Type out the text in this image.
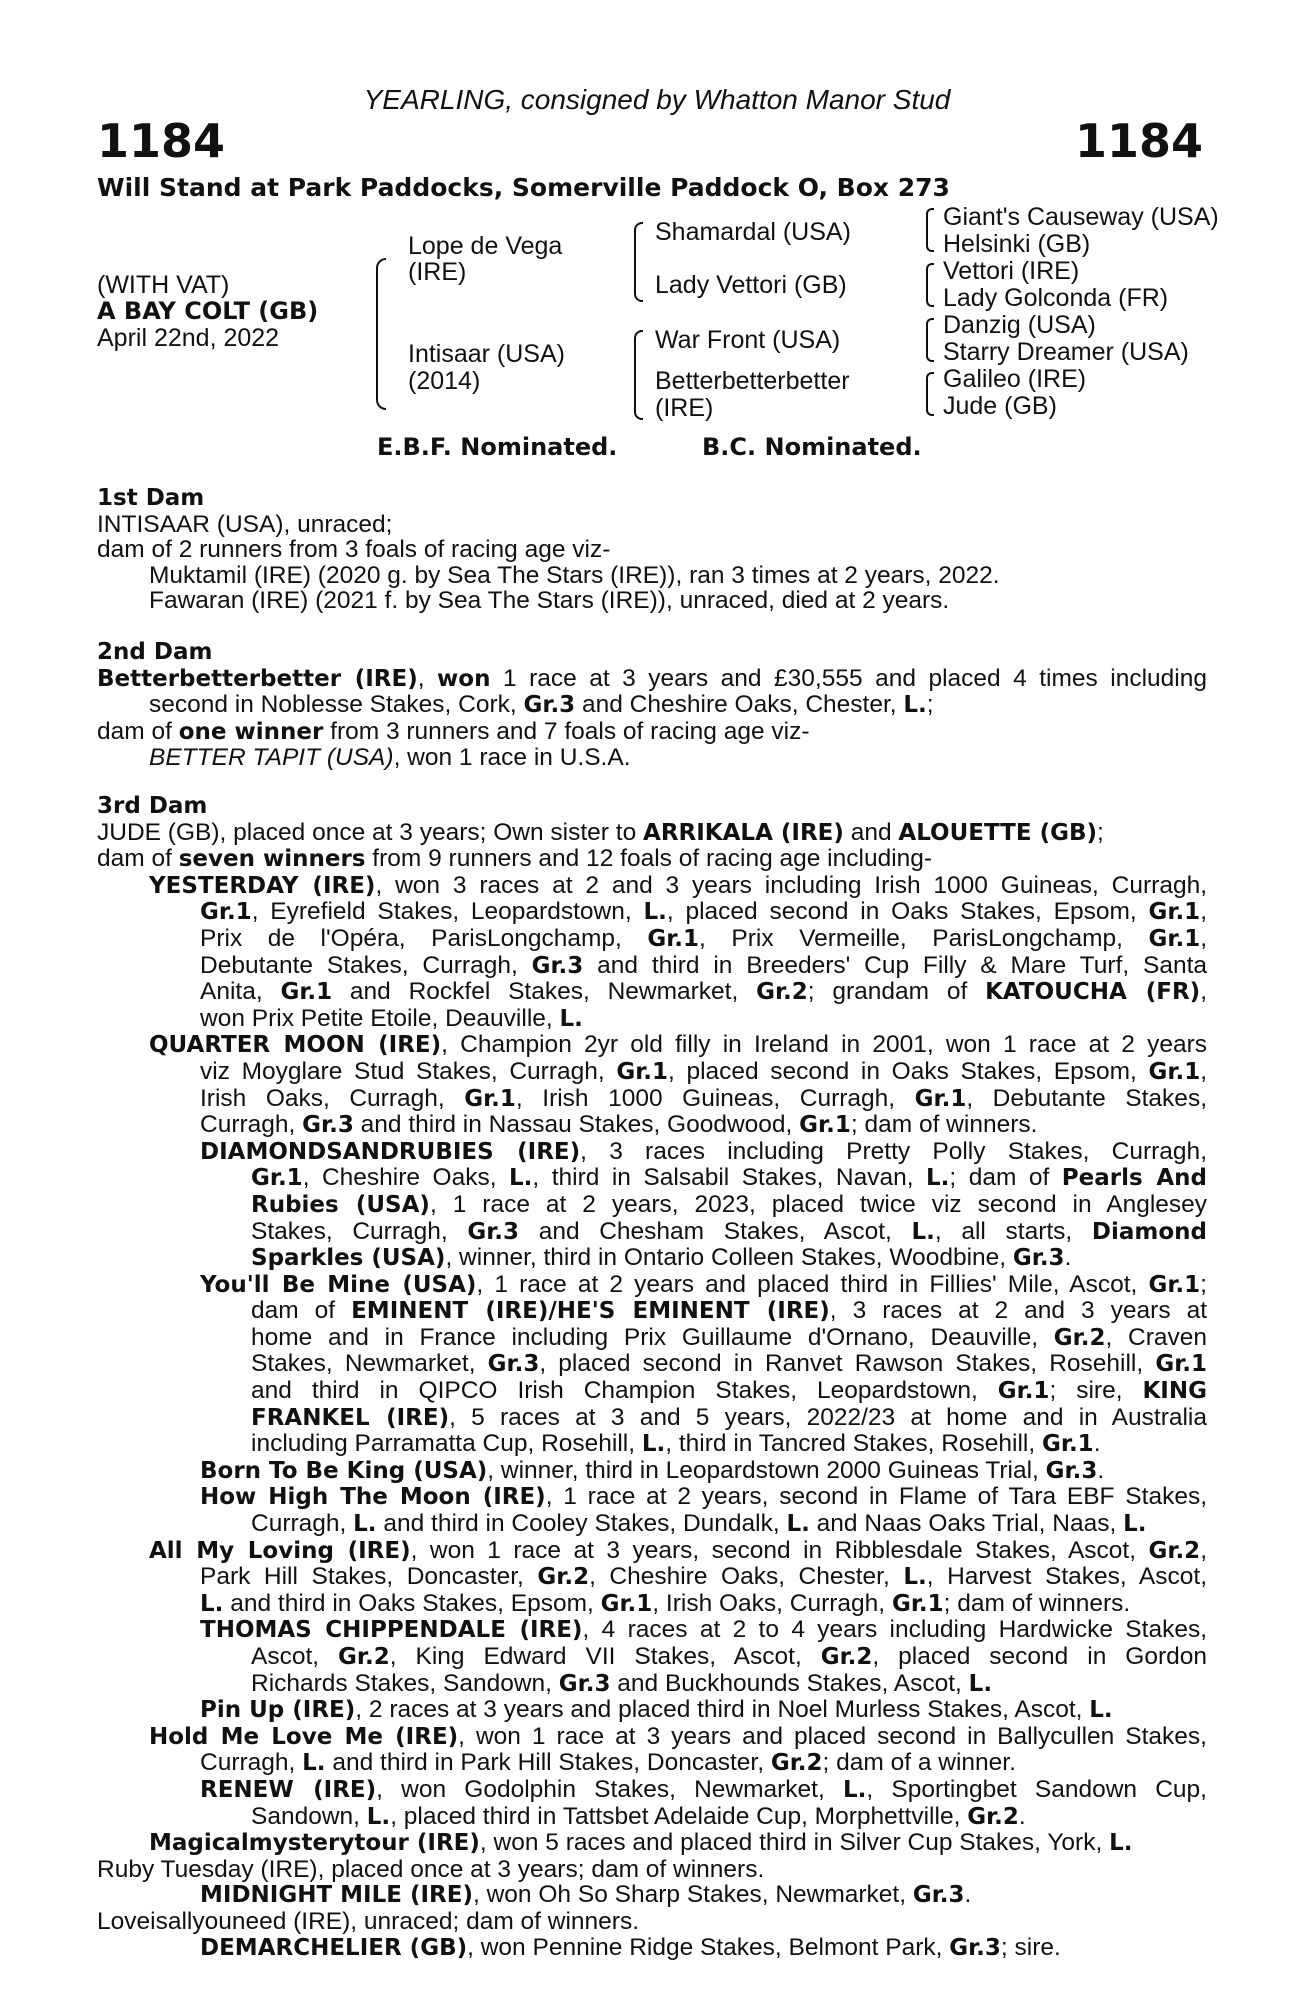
YEARLING, consigned by Whatton Manor Stud
1184	1184
Will Stand at Park Paddocks, Somerville Paddock O, Box 273
(WITH VAT)
A BAY COLT (GB)
April 22nd, 2022
Lope de Vega
(IRE)
Intisaar (USA)
(2014)
Shamardal (USA)
Lady Vettori (GB)
War Front (USA)
Betterbetterbetter
(IRE)
Giant's Causeway (USA)
Helsinki (GB)
Vettori (IRE)
Lady Golconda (FR)
Danzig (USA)
Starry Dreamer (USA)
Galileo (IRE)
Jude (GB)
E.B.F. Nominated.	B.C. Nominated.

1st Dam

INTISAAR (USA), unraced;

dam of 2 runners from 3 foals of racing age viz-

Muktamil (IRE) (2020 g. by Sea The Stars (IRE)), ran 3 times at 2 years, 2022.

Fawaran (IRE) (2021 f. by Sea The Stars (IRE)), unraced, died at 2 years.

2nd Dam

Betterbetterbetter (IRE), won 1 race at 3 years and £30,555 and placed 4 times including

second in Noblesse Stakes, Cork, Gr.3 and Cheshire Oaks, Chester, L.;

dam of one winner from 3 runners and 7 foals of racing age viz-

BETTER TAPIT (USA), won 1 race in U.S.A.

3rd Dam

JUDE (GB), placed once at 3 years; Own sister to ARRIKALA (IRE) and ALOUETTE (GB);

dam of seven winners from 9 runners and 12 foals of racing age including-

YESTERDAY (IRE), won 3 races at 2 and 3 years including Irish 1000 Guineas, Curragh,

Gr.1, Eyrefield Stakes, Leopardstown, L., placed second in Oaks Stakes, Epsom, Gr.1,

Prix de l'Opéra, ParisLongchamp, Gr.1, Prix Vermeille, ParisLongchamp, Gr.1,

Debutante Stakes, Curragh, Gr.3 and third in Breeders' Cup Filly & Mare Turf, Santa

Anita, Gr.1 and Rockfel Stakes, Newmarket, Gr.2; grandam of KATOUCHA (FR),

won Prix Petite Etoile, Deauville, L.

QUARTER MOON (IRE), Champion 2yr old filly in Ireland in 2001, won 1 race at 2 years

viz Moyglare Stud Stakes, Curragh, Gr.1, placed second in Oaks Stakes, Epsom, Gr.1,

Irish Oaks, Curragh, Gr.1, Irish 1000 Guineas, Curragh, Gr.1, Debutante Stakes,

Curragh, Gr.3 and third in Nassau Stakes, Goodwood, Gr.1; dam of winners.

DIAMONDSANDRUBIES (IRE), 3 races including Pretty Polly Stakes, Curragh,

Gr.1, Cheshire Oaks, L., third in Salsabil Stakes, Navan, L.; dam of Pearls And

Rubies (USA), 1 race at 2 years, 2023, placed twice viz second in Anglesey

Stakes, Curragh, Gr.3 and Chesham Stakes, Ascot, L., all starts, Diamond

Sparkles (USA), winner, third in Ontario Colleen Stakes, Woodbine, Gr.3.

You'll Be Mine (USA), 1 race at 2 years and placed third in Fillies' Mile, Ascot, Gr.1;

dam of EMINENT (IRE)/HE'S EMINENT (IRE), 3 races at 2 and 3 years at

home and in France including Prix Guillaume d'Ornano, Deauville, Gr.2, Craven

Stakes, Newmarket, Gr.3, placed second in Ranvet Rawson Stakes, Rosehill, Gr.1

and third in QIPCO Irish Champion Stakes, Leopardstown, Gr.1; sire, KING

FRANKEL (IRE), 5 races at 3 and 5 years, 2022/23 at home and in Australia

including Parramatta Cup, Rosehill, L., third in Tancred Stakes, Rosehill, Gr.1.

Born To Be King (USA), winner, third in Leopardstown 2000 Guineas Trial, Gr.3.

How High The Moon (IRE), 1 race at 2 years, second in Flame of Tara EBF Stakes,

Curragh, L. and third in Cooley Stakes, Dundalk, L. and Naas Oaks Trial, Naas, L.

All My Loving (IRE), won 1 race at 3 years, second in Ribblesdale Stakes, Ascot, Gr.2,

Park Hill Stakes, Doncaster, Gr.2, Cheshire Oaks, Chester, L., Harvest Stakes, Ascot,

L. and third in Oaks Stakes, Epsom, Gr.1, Irish Oaks, Curragh, Gr.1; dam of winners.

THOMAS CHIPPENDALE (IRE), 4 races at 2 to 4 years including Hardwicke Stakes,

Ascot, Gr.2, King Edward VII Stakes, Ascot, Gr.2, placed second in Gordon

Richards Stakes, Sandown, Gr.3 and Buckhounds Stakes, Ascot, L.

Pin Up (IRE), 2 races at 3 years and placed third in Noel Murless Stakes, Ascot, L.

Hold Me Love Me (IRE), won 1 race at 3 years and placed second in Ballycullen Stakes,

Curragh, L. and third in Park Hill Stakes, Doncaster, Gr.2; dam of a winner.

RENEW (IRE), won Godolphin Stakes, Newmarket, L., Sportingbet Sandown Cup,

Sandown, L., placed third in Tattsbet Adelaide Cup, Morphettville, Gr.2.

Magicalmysterytour (IRE), won 5 races and placed third in Silver Cup Stakes, York, L.

Ruby Tuesday (IRE), placed once at 3 years; dam of winners.

MIDNIGHT MILE (IRE), won Oh So Sharp Stakes, Newmarket, Gr.3.

Loveisallyouneed (IRE), unraced; dam of winners.

DEMARCHELIER (GB), won Pennine Ridge Stakes, Belmont Park, Gr.3; sire.
